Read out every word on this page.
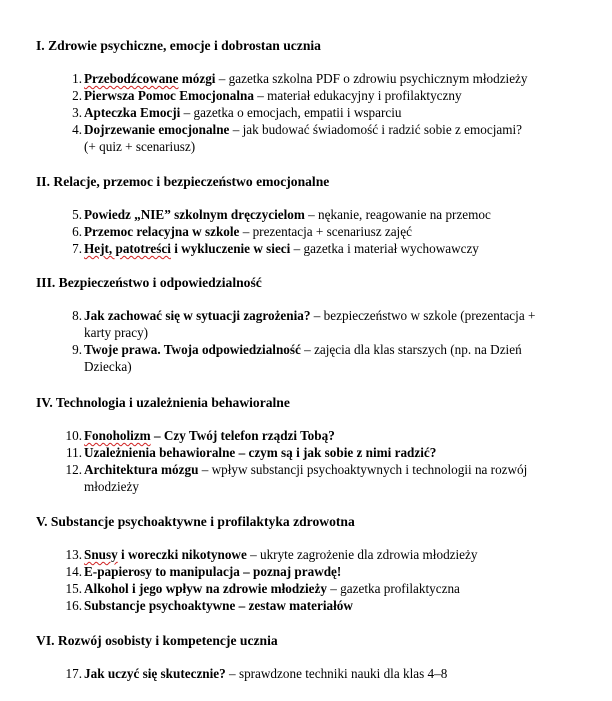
I. Zdrowie psychiczne, emocje i dobrostan ucznia
1. Przebodźcowane mózgi – gazetka szkolna PDF o zdrowiu psychicznym młodzieży
2. Pierwsza Pomoc Emocjonalna – materiał edukacyjny i profilaktyczny
3. Apteczka Emocji – gazetka o emocjach, empatii i wsparciu
4. Dojrzewanie emocjonalne – jak budować świadomość i radzić sobie z emocjami?
(+ quiz + scenariusz)
II. Relacje, przemoc i bezpieczeństwo emocjonalne
5. Powiedz „NIE” szkolnym dręczycielom – nękanie, reagowanie na przemoc
6. Przemoc relacyjna w szkole – prezentacja + scenariusz zajęć
7. Hejt, patotreści i wykluczenie w sieci – gazetka i materiał wychowawczy
III. Bezpieczeństwo i odpowiedzialność
8. Jak zachować się w sytuacji zagrożenia? – bezpieczeństwo w szkole (prezentacja +
karty pracy)
9. Twoje prawa. Twoja odpowiedzialność – zajęcia dla klas starszych (np. na Dzień
Dziecka)
IV. Technologia i uzależnienia behawioralne
10. Fonoholizm – Czy Twój telefon rządzi Tobą?
11. Uzależnienia behawioralne – czym są i jak sobie z nimi radzić?
12. Architektura mózgu – wpływ substancji psychoaktywnych i technologii na rozwój
młodzieży
V. Substancje psychoaktywne i profilaktyka zdrowotna
13. Snusy i woreczki nikotynowe – ukryte zagrożenie dla zdrowia młodzieży
14. E-papierosy to manipulacja – poznaj prawdę!
15. Alkohol i jego wpływ na zdrowie młodzieży – gazetka profilaktyczna
16. Substancje psychoaktywne – zestaw materiałów
VI. Rozwój osobisty i kompetencje ucznia
17. Jak uczyć się skutecznie? – sprawdzone techniki nauki dla klas 4–8
